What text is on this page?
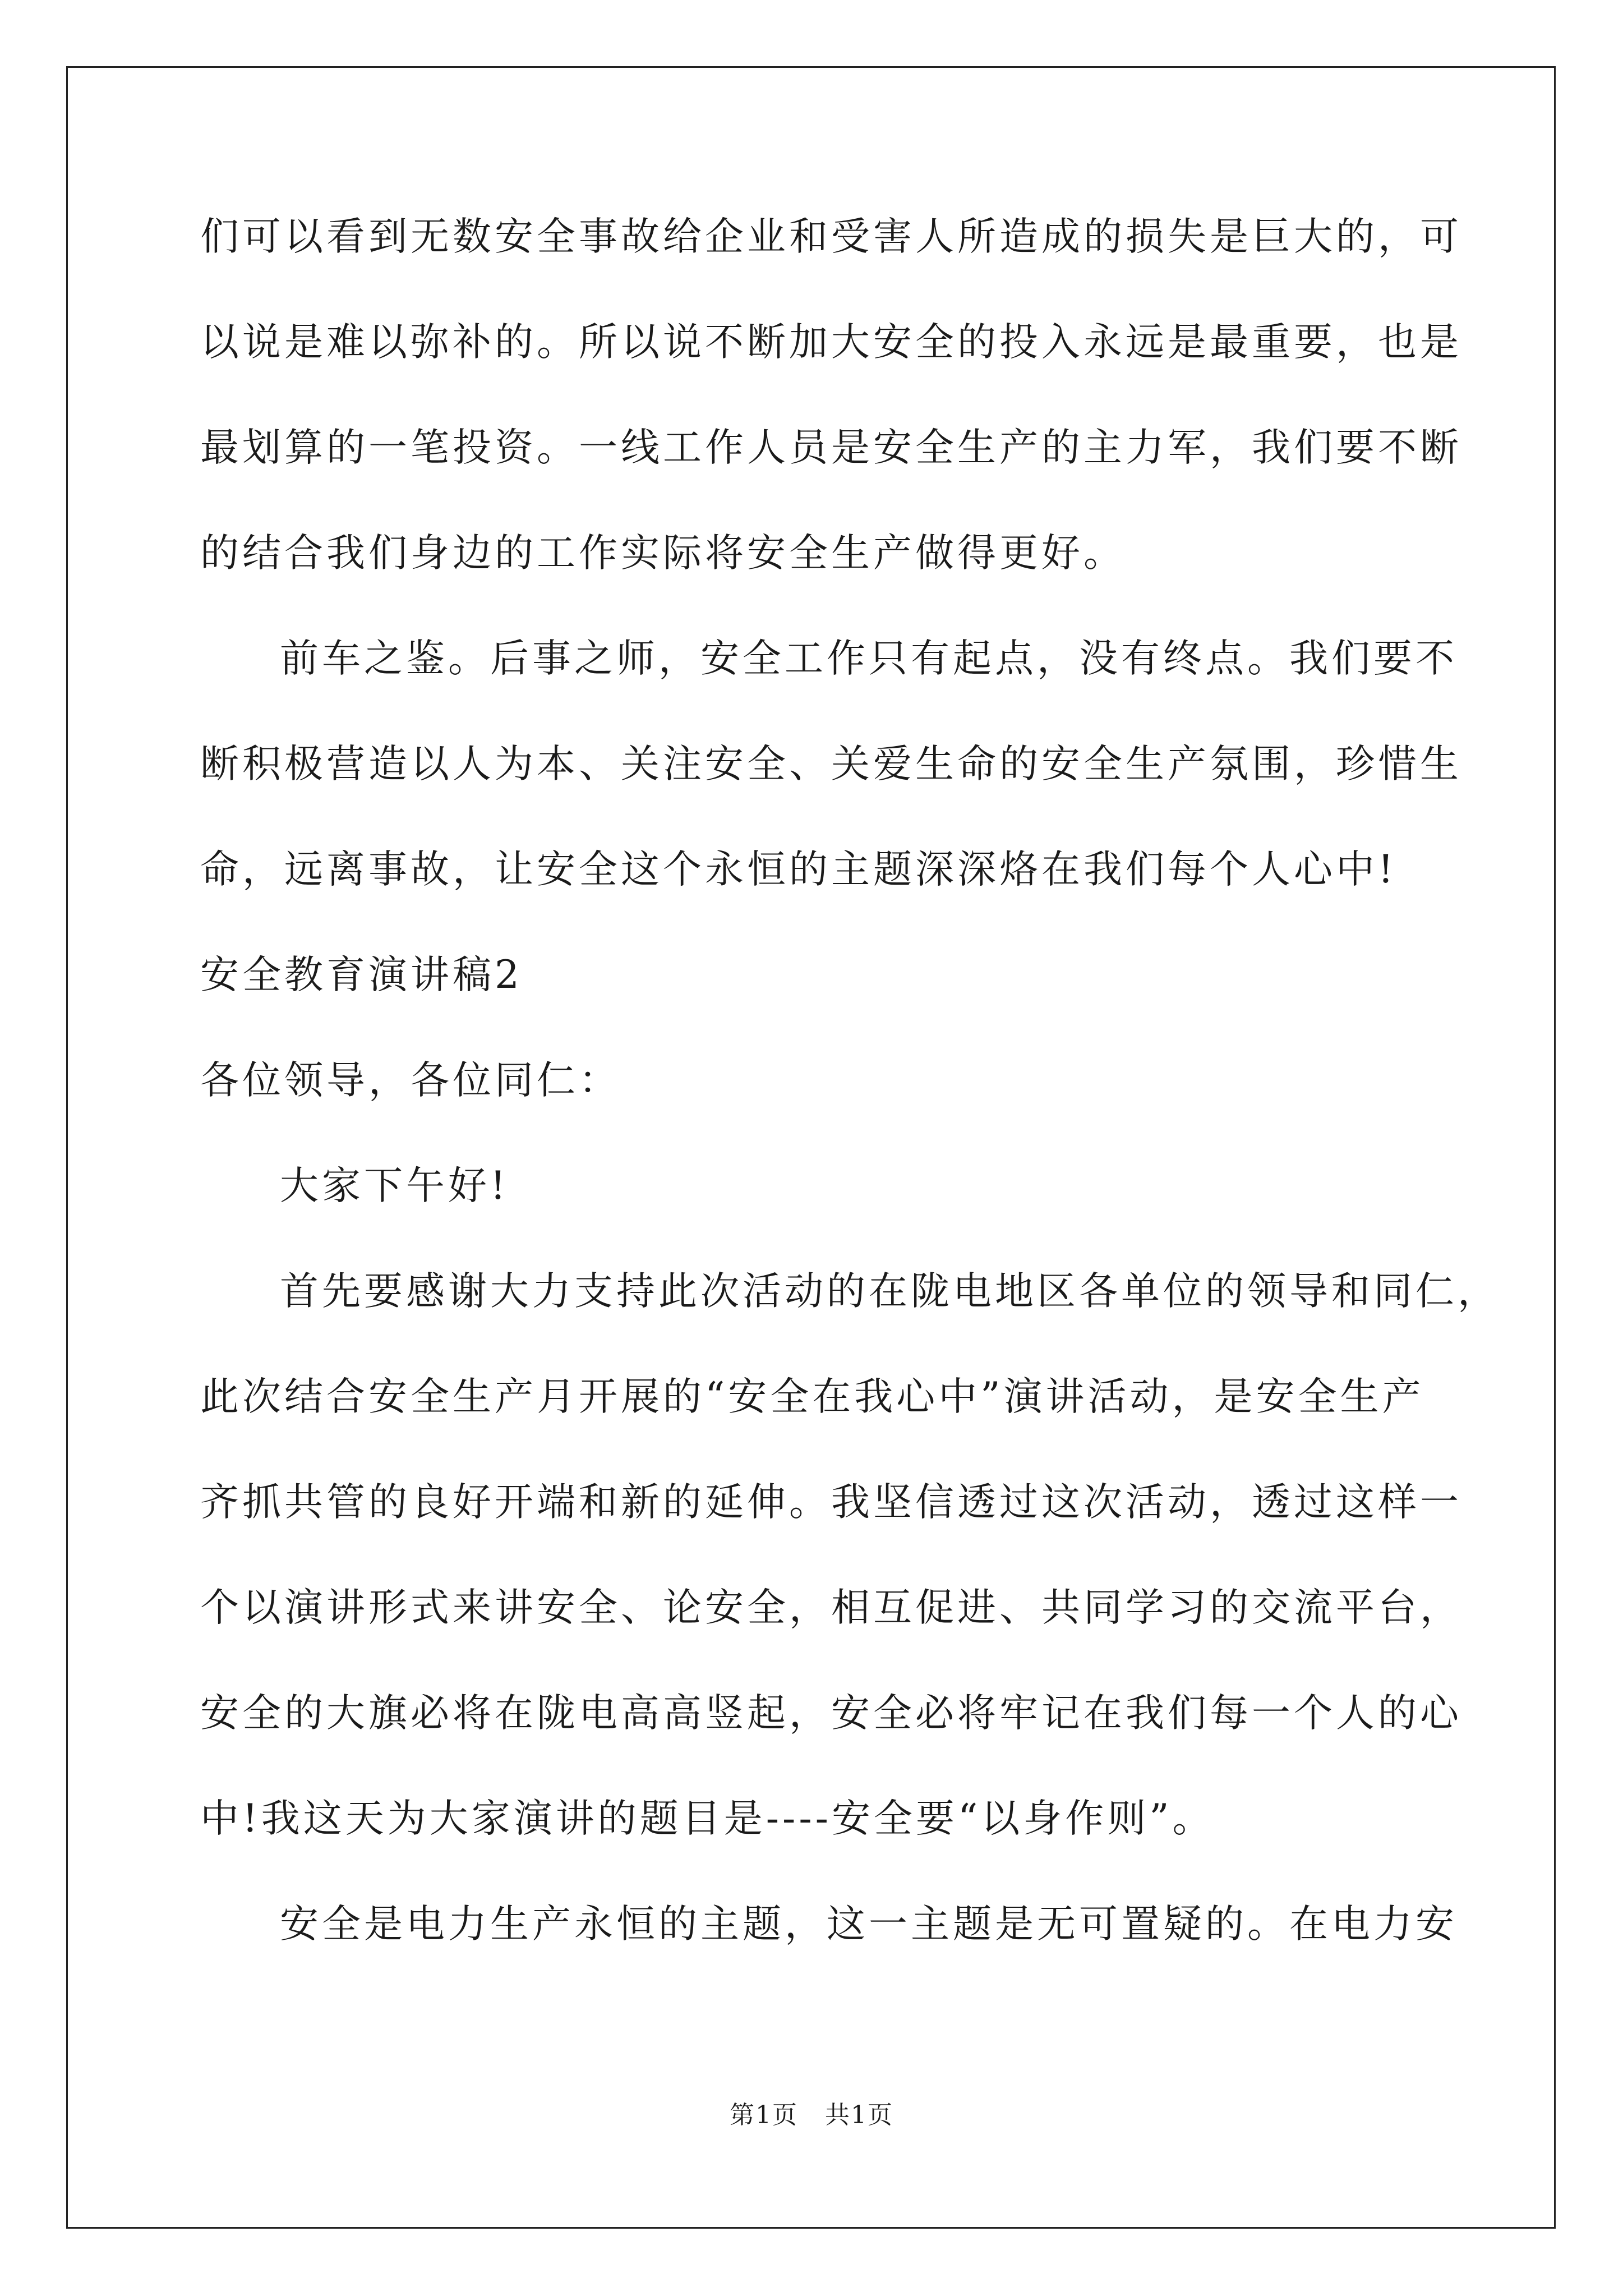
们可以看到无数安全事故给企业和受害人所造成的损失是巨大的，可
以说是难以弥补的。所以说不断加大安全的投入永远是最重要，也是
最划算的一笔投资。一线工作人员是安全生产的主力军，我们要不断
的结合我们身边的工作实际将安全生产做得更好。
前车之鉴。后事之师，安全工作只有起点，没有终点。我们要不
断积极营造以人为本、关注安全、关爱生命的安全生产氛围，珍惜生
命，远离事故，让安全这个永恒的主题深深烙在我们每个人心中!
安全教育演讲稿2
各位领导，各位同仁：
大家下午好!
首先要感谢大力支持此次活动的在陇电地区各单位的领导和同仁，
此次结合安全生产月开展的“安全在我心中”演讲活动，是安全生产
齐抓共管的良好开端和新的延伸。我坚信透过这次活动，透过这样一
个以演讲形式来讲安全、论安全，相互促进、共同学习的交流平台，
安全的大旗必将在陇电高高竖起，安全必将牢记在我们每一个人的心
中!我这天为大家演讲的题目是----安全要“以身作则”。
安全是电力生产永恒的主题，这一主题是无可置疑的。在电力安
第1页 共1页
